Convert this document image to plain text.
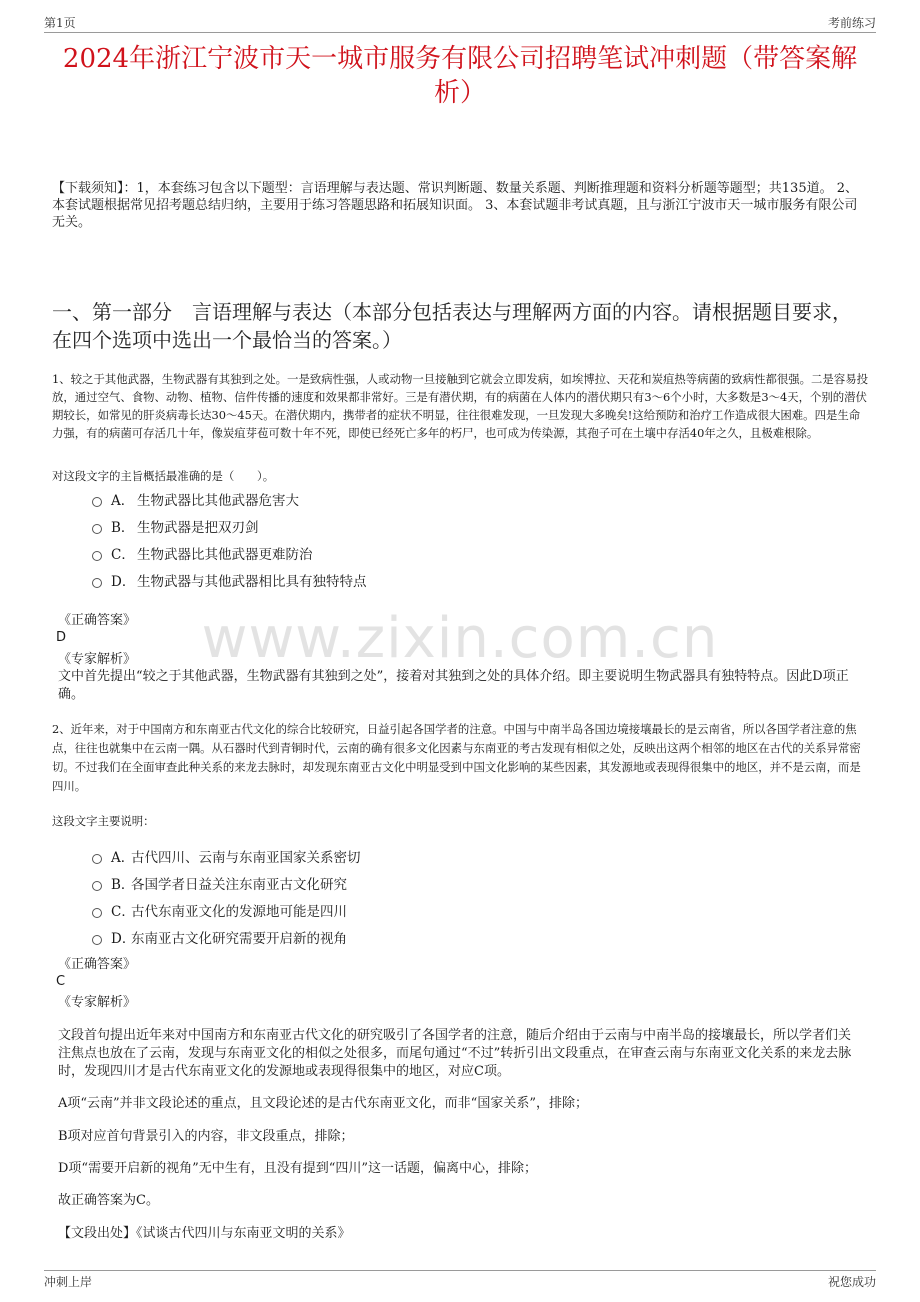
第1页	考前练习
www.zixin.com.cn
2024年浙江宁波市天一城市服务有限公司招聘笔试冲刺题（带答案解析）
【下载须知】：1，本套练习包含以下题型：言语理解与表达题、常识判断题、数量关系题、判断推理题和资料分析题等题型；共135道。 2、本套试题根据常见招考题总结归纳，主要用于练习答题思路和拓展知识面。 3、本套试题非考试真题，且与浙江宁波市天一城市服务有限公司无关。
一、第一部分　言语理解与表达（本部分包括表达与理解两方面的内容。请根据题目要求，在四个选项中选出一个最恰当的答案。）
1、较之于其他武器，生物武器有其独到之处。一是致病性强，人或动物一旦接触到它就会立即发病，如埃博拉、天花和炭疽热等病菌的致病性都很强。二是容易投放，通过空气、食物、动物、植物、信件传播的速度和效果都非常好。三是有潜伏期，有的病菌在人体内的潜伏期只有3～6个小时，大多数是3～4天，个别的潜伏期较长，如常见的肝炎病毒长达30～45天。在潜伏期内，携带者的症状不明显，往往很难发现，一旦发现大多晚矣!这给预防和治疗工作造成很大困难。四是生命力强，有的病菌可存活几十年，像炭疽芽苞可数十年不死，即使已经死亡多年的朽尸，也可成为传染源，其孢子可在土壤中存活40年之久，且极难根除。
对这段文字的主旨概括最准确的是（　　）。
A． 生物武器比其他武器危害大
B． 生物武器是把双刃剑
C． 生物武器比其他武器更难防治
D． 生物武器与其他武器相比具有独特特点
《正确答案》
D
《专家解析》
文中首先提出“较之于其他武器，生物武器有其独到之处”，接着对其独到之处的具体介绍。即主要说明生物武器具有独特特点。因此D项正确。
2、近年来，对于中国南方和东南亚古代文化的综合比较研究，日益引起各国学者的注意。中国与中南半岛各国边境接壤最长的是云南省，所以各国学者注意的焦点，往往也就集中在云南一隅。从石器时代到青铜时代，云南的确有很多文化因素与东南亚的考古发现有相似之处，反映出这两个相邻的地区在古代的关系异常密切。不过我们在全面审查此种关系的来龙去脉时，却发现东南亚古文化中明显受到中国文化影响的某些因素，其发源地或表现得很集中的地区，并不是云南，而是四川。
这段文字主要说明：
A．
古代四川、云南与东南亚国家关系密切
B．
各国学者日益关注东南亚古文化研究
C．
古代东南亚文化的发源地可能是四川
D．
东南亚古文化研究需要开启新的视角
《正确答案》
C
《专家解析》
文段首句提出近年来对中国南方和东南亚古代文化的研究吸引了各国学者的注意，随后介绍由于云南与中南半岛的接壤最长，所以学者们关注焦点也放在了云南，发现与东南亚文化的相似之处很多，而尾句通过“不过”转折引出文段重点，在审查云南与东南亚文化关系的来龙去脉时，发现四川才是古代东南亚文化的发源地或表现得很集中的地区，对应C项。
A项“云南”并非文段论述的重点，且文段论述的是古代东南亚文化，而非“国家关系”，排除；
B项对应首句背景引入的内容，非文段重点，排除；
D项“需要开启新的视角”无中生有，且没有提到“四川”这一话题，偏离中心，排除；
故正确答案为C。
【文段出处】《试谈古代四川与东南亚文明的关系》
冲刺上岸	祝您成功
